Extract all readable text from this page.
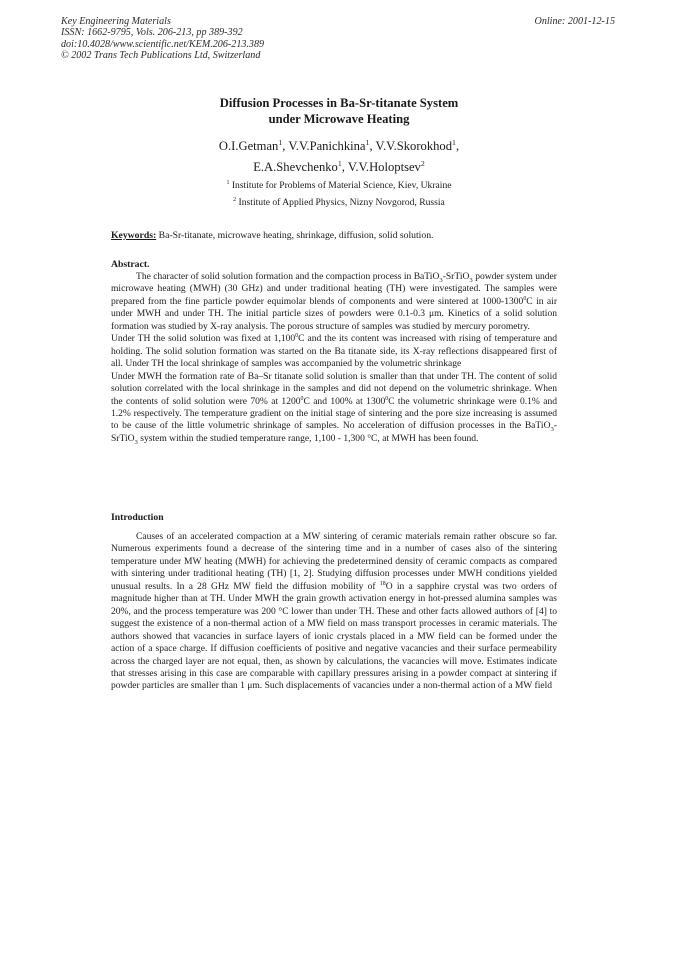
Key Engineering Materials
ISSN: 1662-9795, Vols. 206-213, pp 389-392
doi:10.4028/www.scientific.net/KEM.206-213.389
© 2002 Trans Tech Publications Ltd, Switzerland
Online: 2001-12-15
Diffusion Processes in Ba-Sr-titanate System
under Microwave Heating
O.I.Getman$^1$, V.V.Panichkina$^1$, V.V.Skorokhod$^1$,
E.A.Shevchenko$^1$, V.V.Holoptsev$^2$
$^1$ Institute for Problems of Material Science, Kiev, Ukraine
$^2$ Institute of Applied Physics, Nizny Novgorod, Russia
Keywords: Ba-Sr-titanate, microwave heating, shrinkage, diffusion, solid solution.
Abstract.

The character of solid solution formation and the compaction process in BaTiO$_3$-SrTiO$_3$ powder system under microwave heating (MWH) (30 GHz) and under traditional heating (TH) were investigated. The samples were prepared from the fine particle powder equimolar blends of components and were sintered at 1000-1300$^0$C in air under MWH and under TH. The initial particle sizes of powders were 0.1-0.3 μm. Kinetics of a solid solution formation was studied by X-ray analysis. The porous structure of samples was studied by mercury porometry.

Under TH the solid solution was fixed at 1,100$^0$C and the its content was increased with rising of temperature and holding. The solid solution formation was started on the Ba titanate side, its X-ray reflections disappeared first of all. Under TH the local shrinkage of samples was accompanied by the volumetric shrinkage

Under MWH the formation rate of Ba–Sr titanate solid solution is smaller than that under TH. The content of solid solution correlated with the local shrinkage in the samples and did not depend on the volumetric shrinkage. When the contents of solid solution were 70% at 1200$^0$C and 100% at 1300$^0$C the volumetric shrinkage were 0.1% and 1.2% respectively. The temperature gradient on the initial stage of sintering and the pore size increasing is assumed to be cause of the little volumetric shrinkage of samples. No acceleration of diffusion processes in the BaTiO$_3$-SrTiO$_3$ system within the studied temperature range, 1,100 - 1,300 °C, at MWH has been found.

Introduction

Causes of an accelerated compaction at a MW sintering of ceramic materials remain rather obscure so far. Numerous experiments found a decrease of the sintering time and in a number of cases also of the sintering temperature under MW heating (MWH) for achieving the predetermined density of ceramic compacts as compared with sintering under traditional heating (TH) [1, 2]. Studying diffusion processes under MWH conditions yielded unusual results. In a 28 GHz MW field the diffusion mobility of $^{18}$O in a sapphire crystal was two orders of magnitude higher than at TH. Under MWH the grain growth activation energy in hot-pressed alumina samples was 20%, and the process temperature was 200 °C lower than under TH. These and other facts allowed authors of [4] to suggest the existence of a non-thermal action of a MW field on mass transport processes in ceramic materials. The authors showed that vacancies in surface layers of ionic crystals placed in a MW field can be formed under the action of a space charge. If diffusion coefficients of positive and negative vacancies and their surface permeability across the charged layer are not equal, then, as shown by calculations, the vacancies will move. Estimates indicate that stresses arising in this case are comparable with capillary pressures arising in a powder compact at sintering if powder particles are smaller than 1 μm. Such displacements of vacancies under a non-thermal action of a MW field
